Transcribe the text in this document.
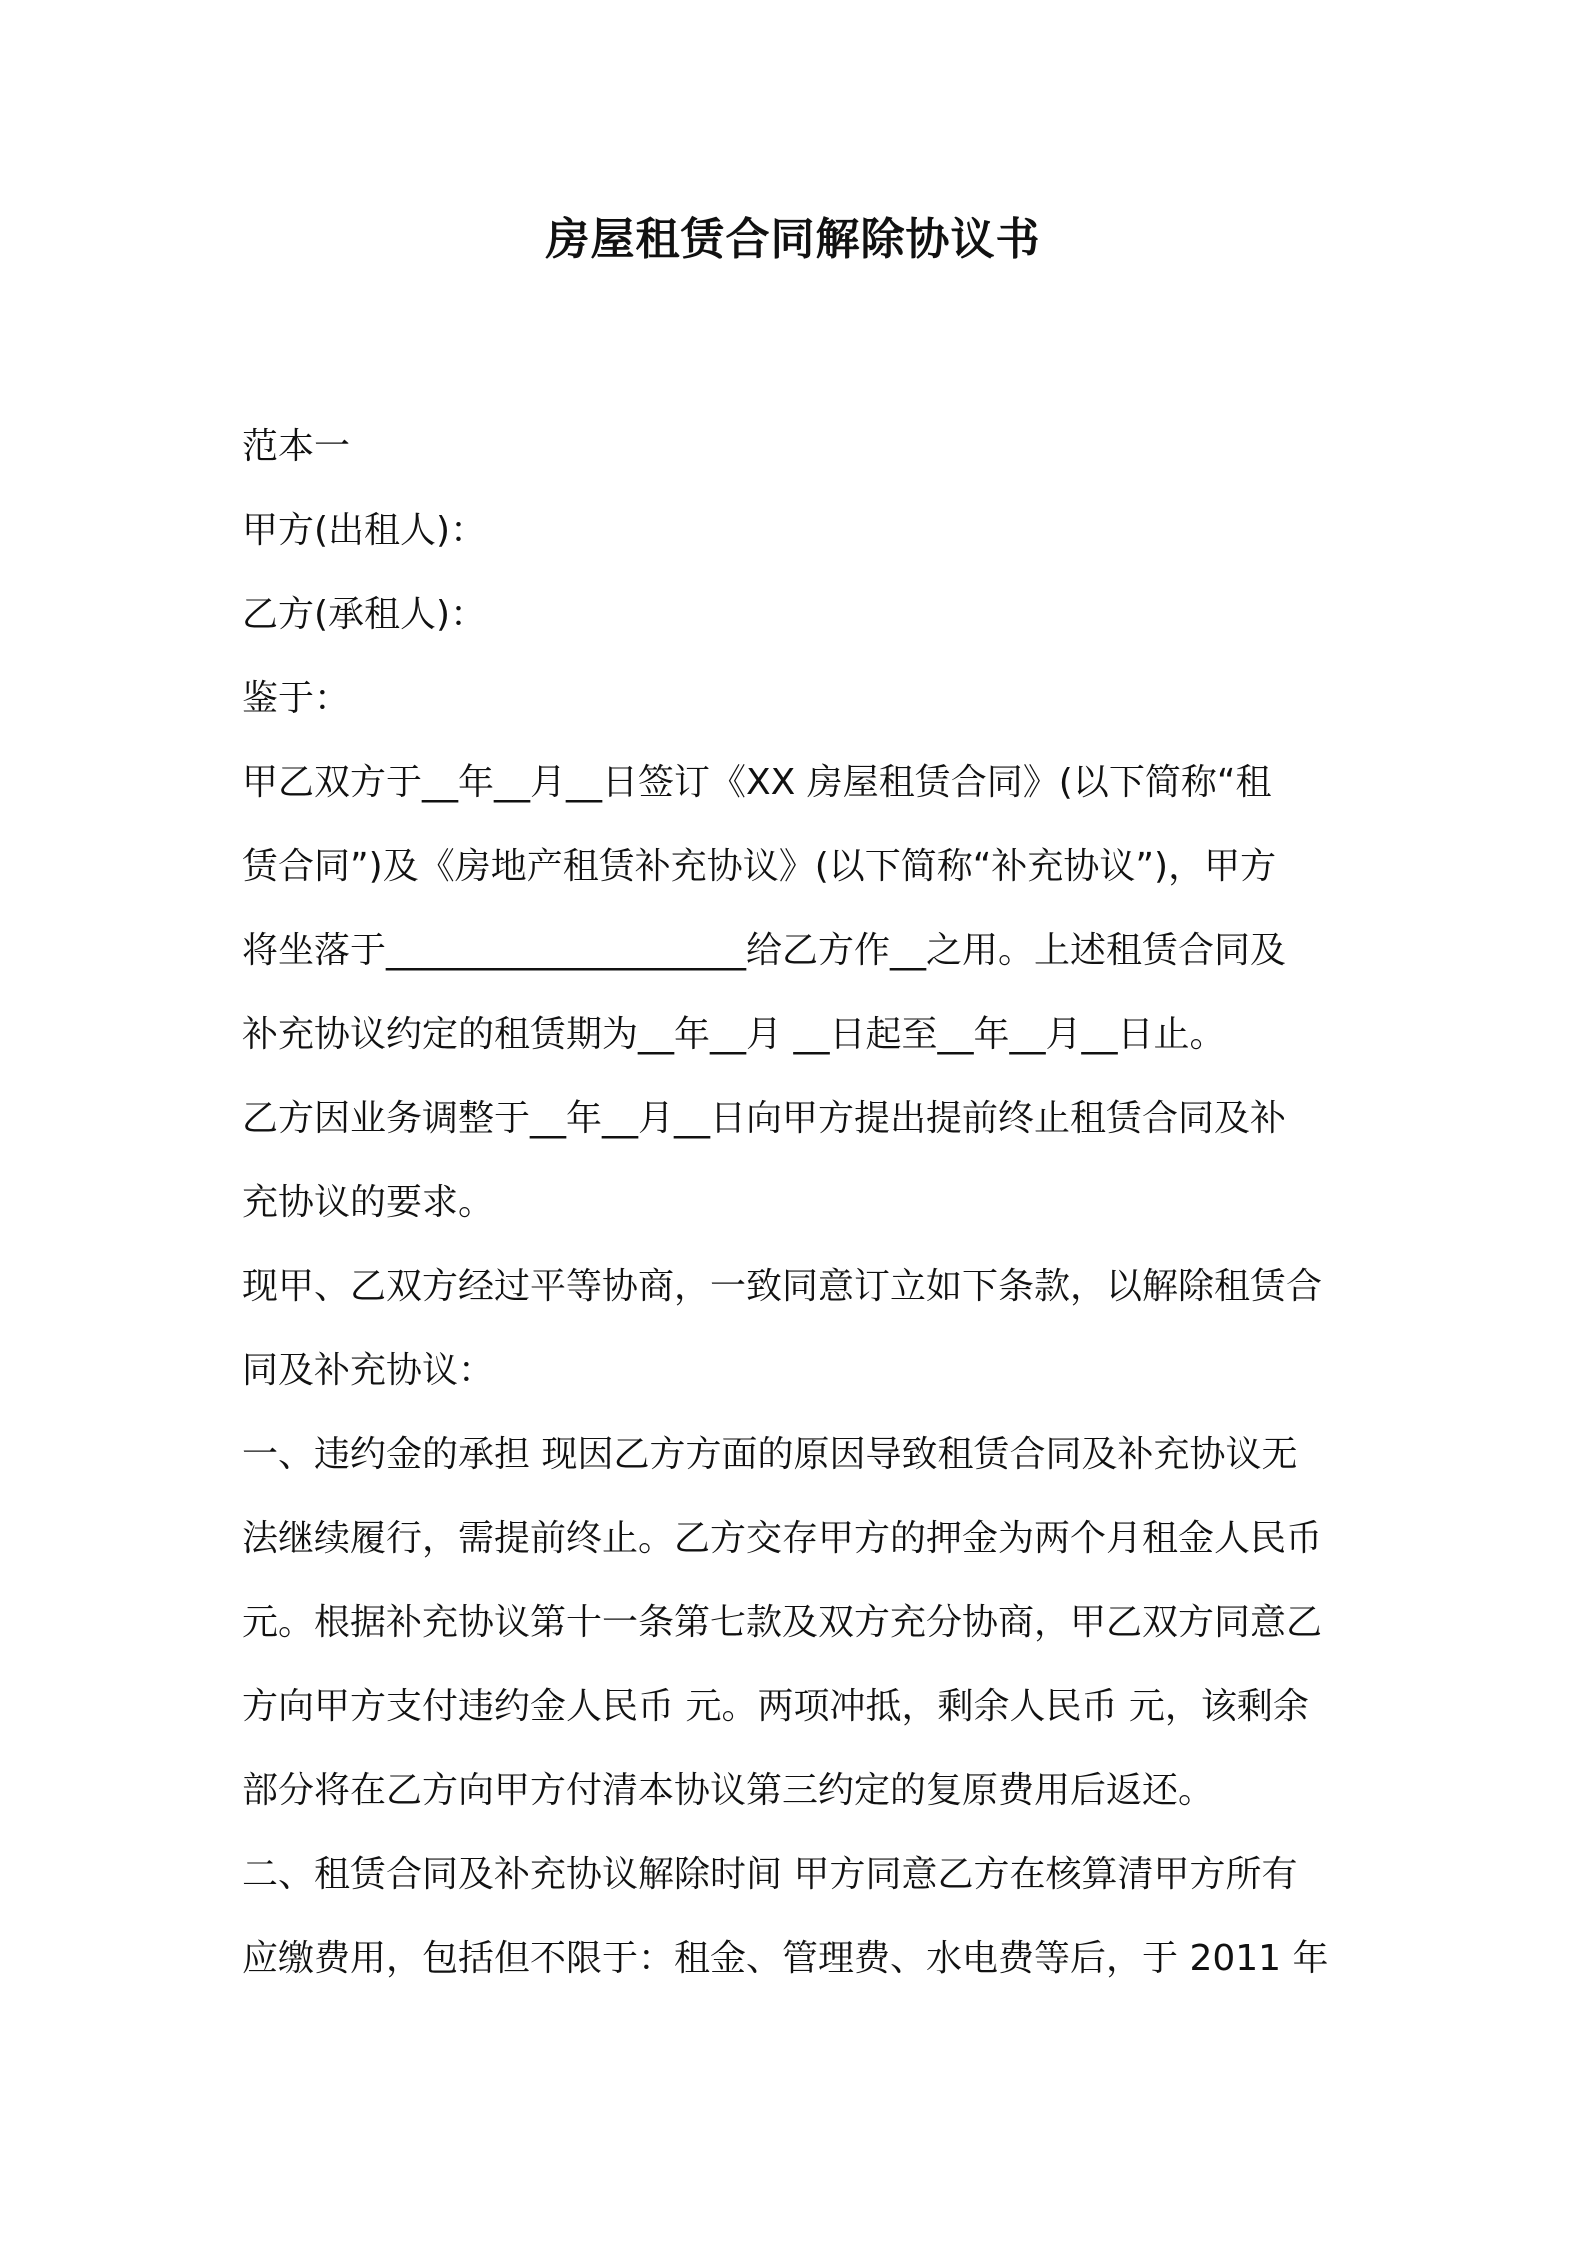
房屋租赁合同解除协议书
范本一
甲方(出租人)：
乙方(承租人)：
鉴于：
甲乙双方于__年__月__日签订《XX 房屋租赁合同》(以下简称“租
赁合同”)及《房地产租赁补充协议》(以下简称“补充协议”)，甲方
将坐落于____________________给乙方作__之用。上述租赁合同及
补充协议约定的租赁期为__年__月 __日起至__年__月__日止。
乙方因业务调整于__年__月__日向甲方提出提前终止租赁合同及补
充协议的要求。
现甲、乙双方经过平等协商，一致同意订立如下条款，以解除租赁合
同及补充协议：
一、违约金的承担 现因乙方方面的原因导致租赁合同及补充协议无
法继续履行，需提前终止。乙方交存甲方的押金为两个月租金人民币
元。根据补充协议第十一条第七款及双方充分协商，甲乙双方同意乙
方向甲方支付违约金人民币 元。两项冲抵，剩余人民币 元，该剩余
部分将在乙方向甲方付清本协议第三约定的复原费用后返还。
二、租赁合同及补充协议解除时间 甲方同意乙方在核算清甲方所有
应缴费用，包括但不限于：租金、管理费、水电费等后，于 2011 年
